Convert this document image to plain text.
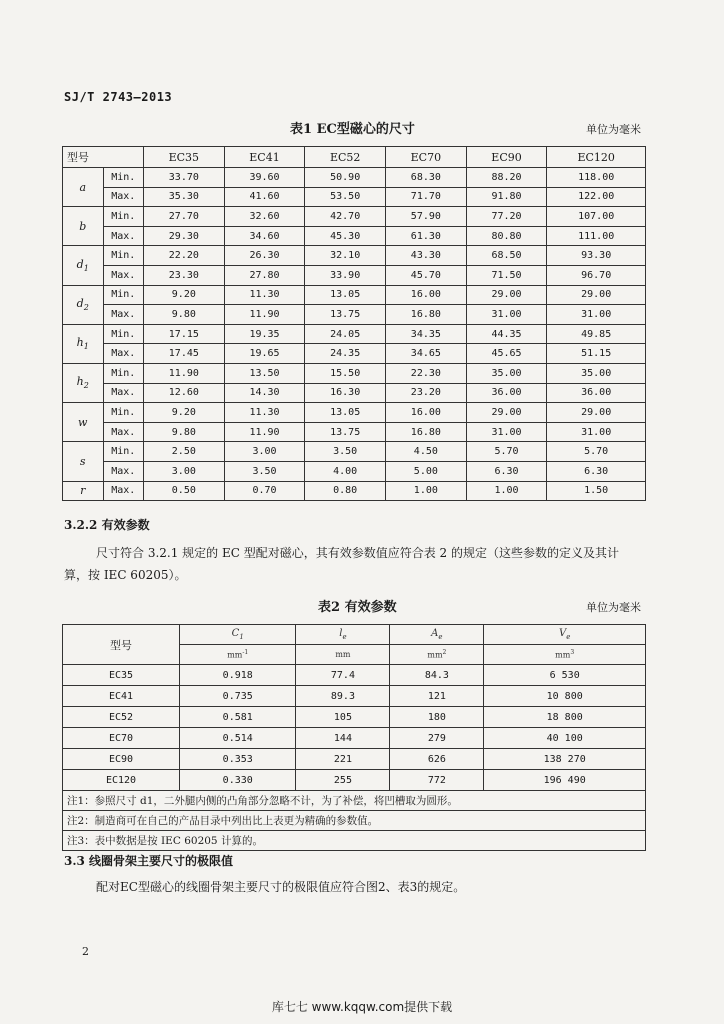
SJ/T 2743—2013
表1 EC型磁心的尺寸	单位为毫米
型号		EC35	EC41	EC52	EC70	EC90	EC120
a	Min.	33.70	39.60	50.90	68.30	88.20	118.00
	Max.	35.30	41.60	53.50	71.70	91.80	122.00
b	Min.	27.70	32.60	42.70	57.90	77.20	107.00
	Max.	29.30	34.60	45.30	61.30	80.80	111.00
$d_1$	Min.	22.20	26.30	32.10	43.30	68.50	93.30
	Max.	23.30	27.80	33.90	45.70	71.50	96.70
$d_2$	Min.	9.20	11.30	13.05	16.00	29.00	29.00
	Max.	9.80	11.90	13.75	16.80	31.00	31.00
$h_1$	Min.	17.15	19.35	24.05	34.35	44.35	49.85
	Max.	17.45	19.65	24.35	34.65	45.65	51.15
$h_2$	Min.	11.90	13.50	15.50	22.30	35.00	35.00
	Max.	12.60	14.30	16.30	23.20	36.00	36.00
w	Min.	9.20	11.30	13.05	16.00	29.00	29.00
	Max.	9.80	11.90	13.75	16.80	31.00	31.00
s	Min.	2.50	3.00	3.50	4.50	5.70	5.70
	Max.	3.00	3.50	4.00	5.00	6.30	6.30
r	Max.	0.50	0.70	0.80	1.00	1.00	1.50
3.2.2 有效参数
尺寸符合 3.2.1 规定的 EC 型配对磁心，其有效参数值应符合表 2 的规定（这些参数的定义及其计
算，按 IEC 60205）。
表2 有效参数	单位为毫米
型号	$C_1$	$l_e$	$A_e$	$V_e$
	$mm^{-1}$	mm	$mm^2$	$mm^3$
EC35	0.918	77.4	84.3	6 530
EC41	0.735	89.3	121	10 800
EC52	0.581	105	180	18 800
EC70	0.514	144	279	40 100
EC90	0.353	221	626	138 270
EC120	0.330	255	772	196 490
注1：参照尺寸 d1，二外腿内侧的凸角部分忽略不计，为了补偿，将凹槽取为圆形。				
注2：制造商可在自己的产品目录中列出比上表更为精确的参数值。				
注3：表中数据是按 IEC 60205 计算的。				
3.3 线圈骨架主要尺寸的极限值
配对EC型磁心的线圈骨架主要尺寸的极限值应符合图2、表3的规定。
2
库七七 www.kqqw.com提供下载
